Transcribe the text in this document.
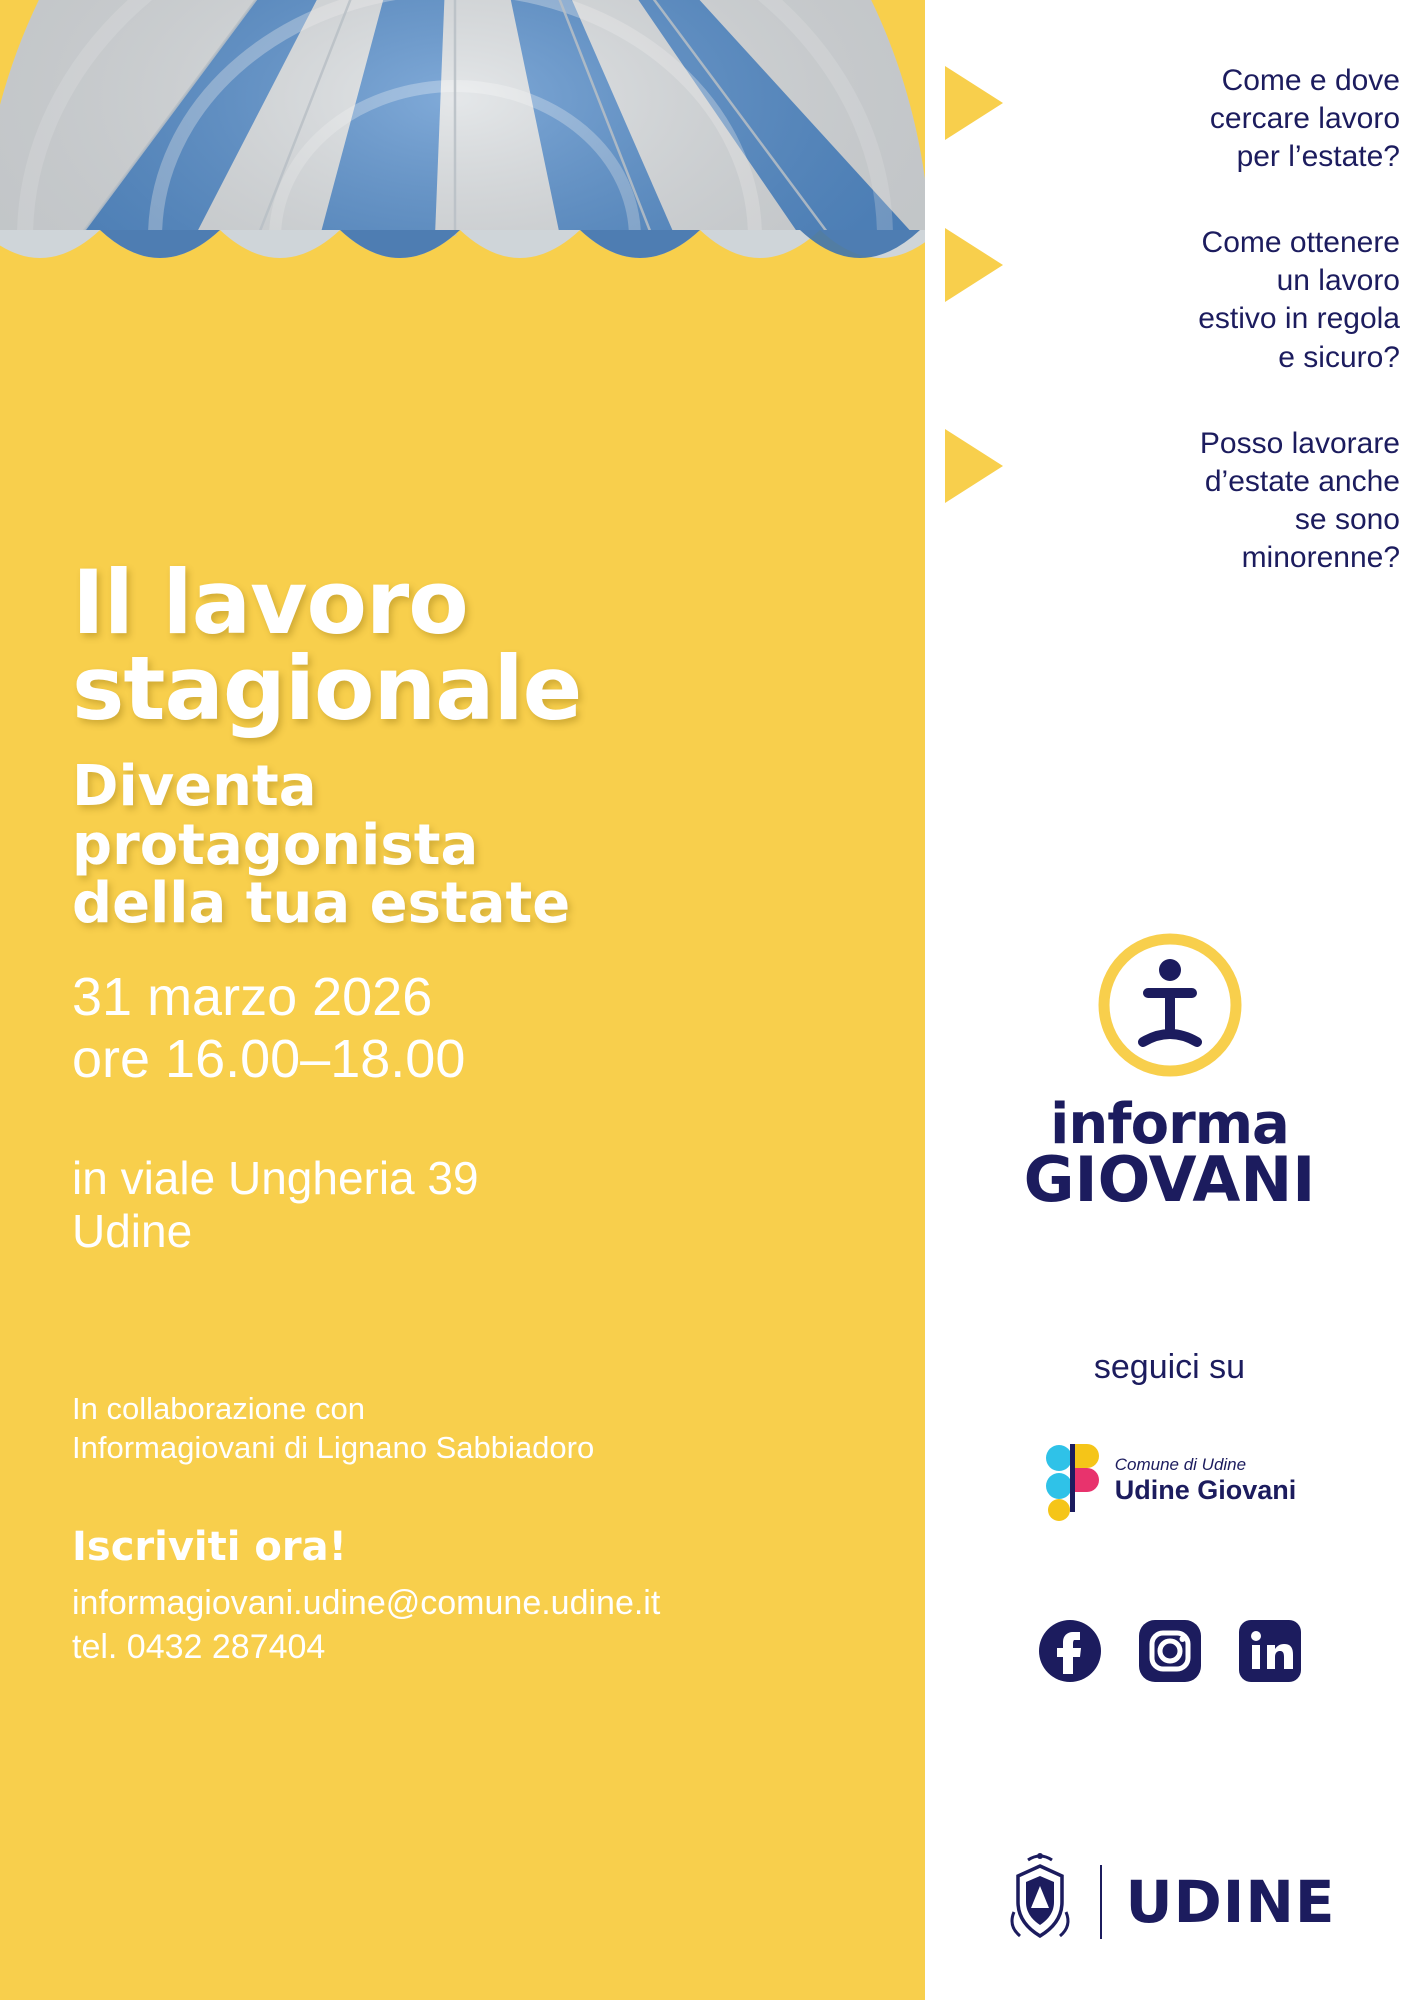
Il lavoro
stagionale
Diventa
protagonista
della tua estate
31 marzo 2026
ore 16.00–18.00
in viale Ungheria 39
Udine
In collaborazione con
Informagiovani di Lignano Sabbiadoro
Iscriviti ora!
informagiovani.udine@comune.udine.it
tel. 0432 287404
Come e dove
cercare lavoro
per l’estate?
Come ottenere
un lavoro
estivo in regola
e sicuro?
Posso lavorare
d’estate anche
se sono
minorenne?
informa
GIOVANI
seguici su
Comune di Udine
Udine Giovani
UDINE
